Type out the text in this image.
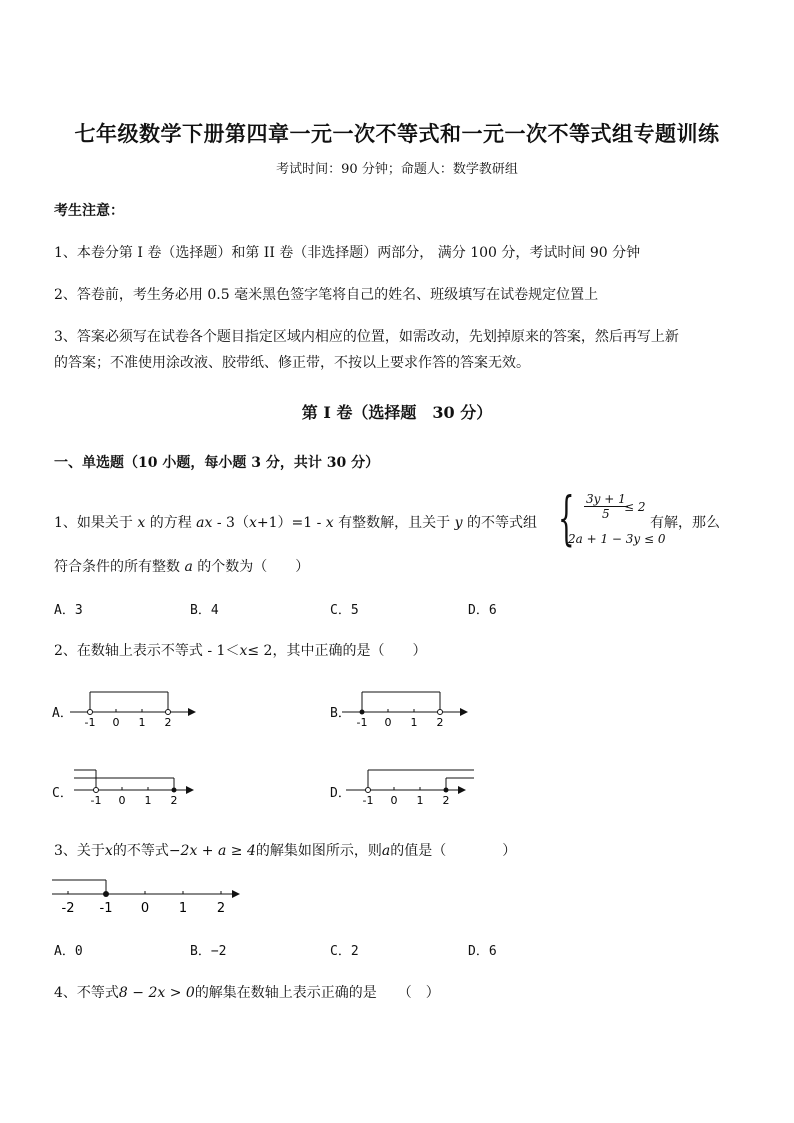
七年级数学下册第四章一元一次不等式和一元一次不等式组专题训练
考试时间：90 分钟；命题人：数学教研组
考生注意：
1、本卷分第 I 卷（选择题）和第 II 卷（非选择题）两部分， 满分 100 分，考试时间 90 分钟
2、答卷前，考生务必用 0.5 毫米黑色签字笔将自己的姓名、班级填写在试卷规定位置上
3、答案必须写在试卷各个题目指定区域内相应的位置，如需改动，先划掉原来的答案，然后再写上新
的答案；不准使用涂改液、胶带纸、修正带，不按以上要求作答的答案无效。
第 I 卷（选择题　30 分）
一、单选题（10 小题，每小题 3 分，共计 30 分）
1、如果关于 x 的方程 ax - 3（x+1）=1 - x 有整数解，且关于 y 的不等式组 { $\frac{3y + 1}{5}$
≤ 2
2a + 1 − 3y ≤ 0
有解，那么
符合条件的所有整数 a 的个数为（　　）
A．3	B．4	C．5	D．6
2、在数轴上表示不等式 - 1＜x≤ 2，其中正确的是（　　）
A．
-1 0 1 2
B．
-1 0 1 2
C． -1 0 1 2	D． -1 0 1 2
3、关于x的不等式−2x + a ≥ 4的解集如图所示，则a的值是（　　　　）
-2 -1 0 1 2
A．0	B．−2	C．2	D．6
4、不等式8 − 2x > 0的解集在数轴上表示正确的是　　（　）
